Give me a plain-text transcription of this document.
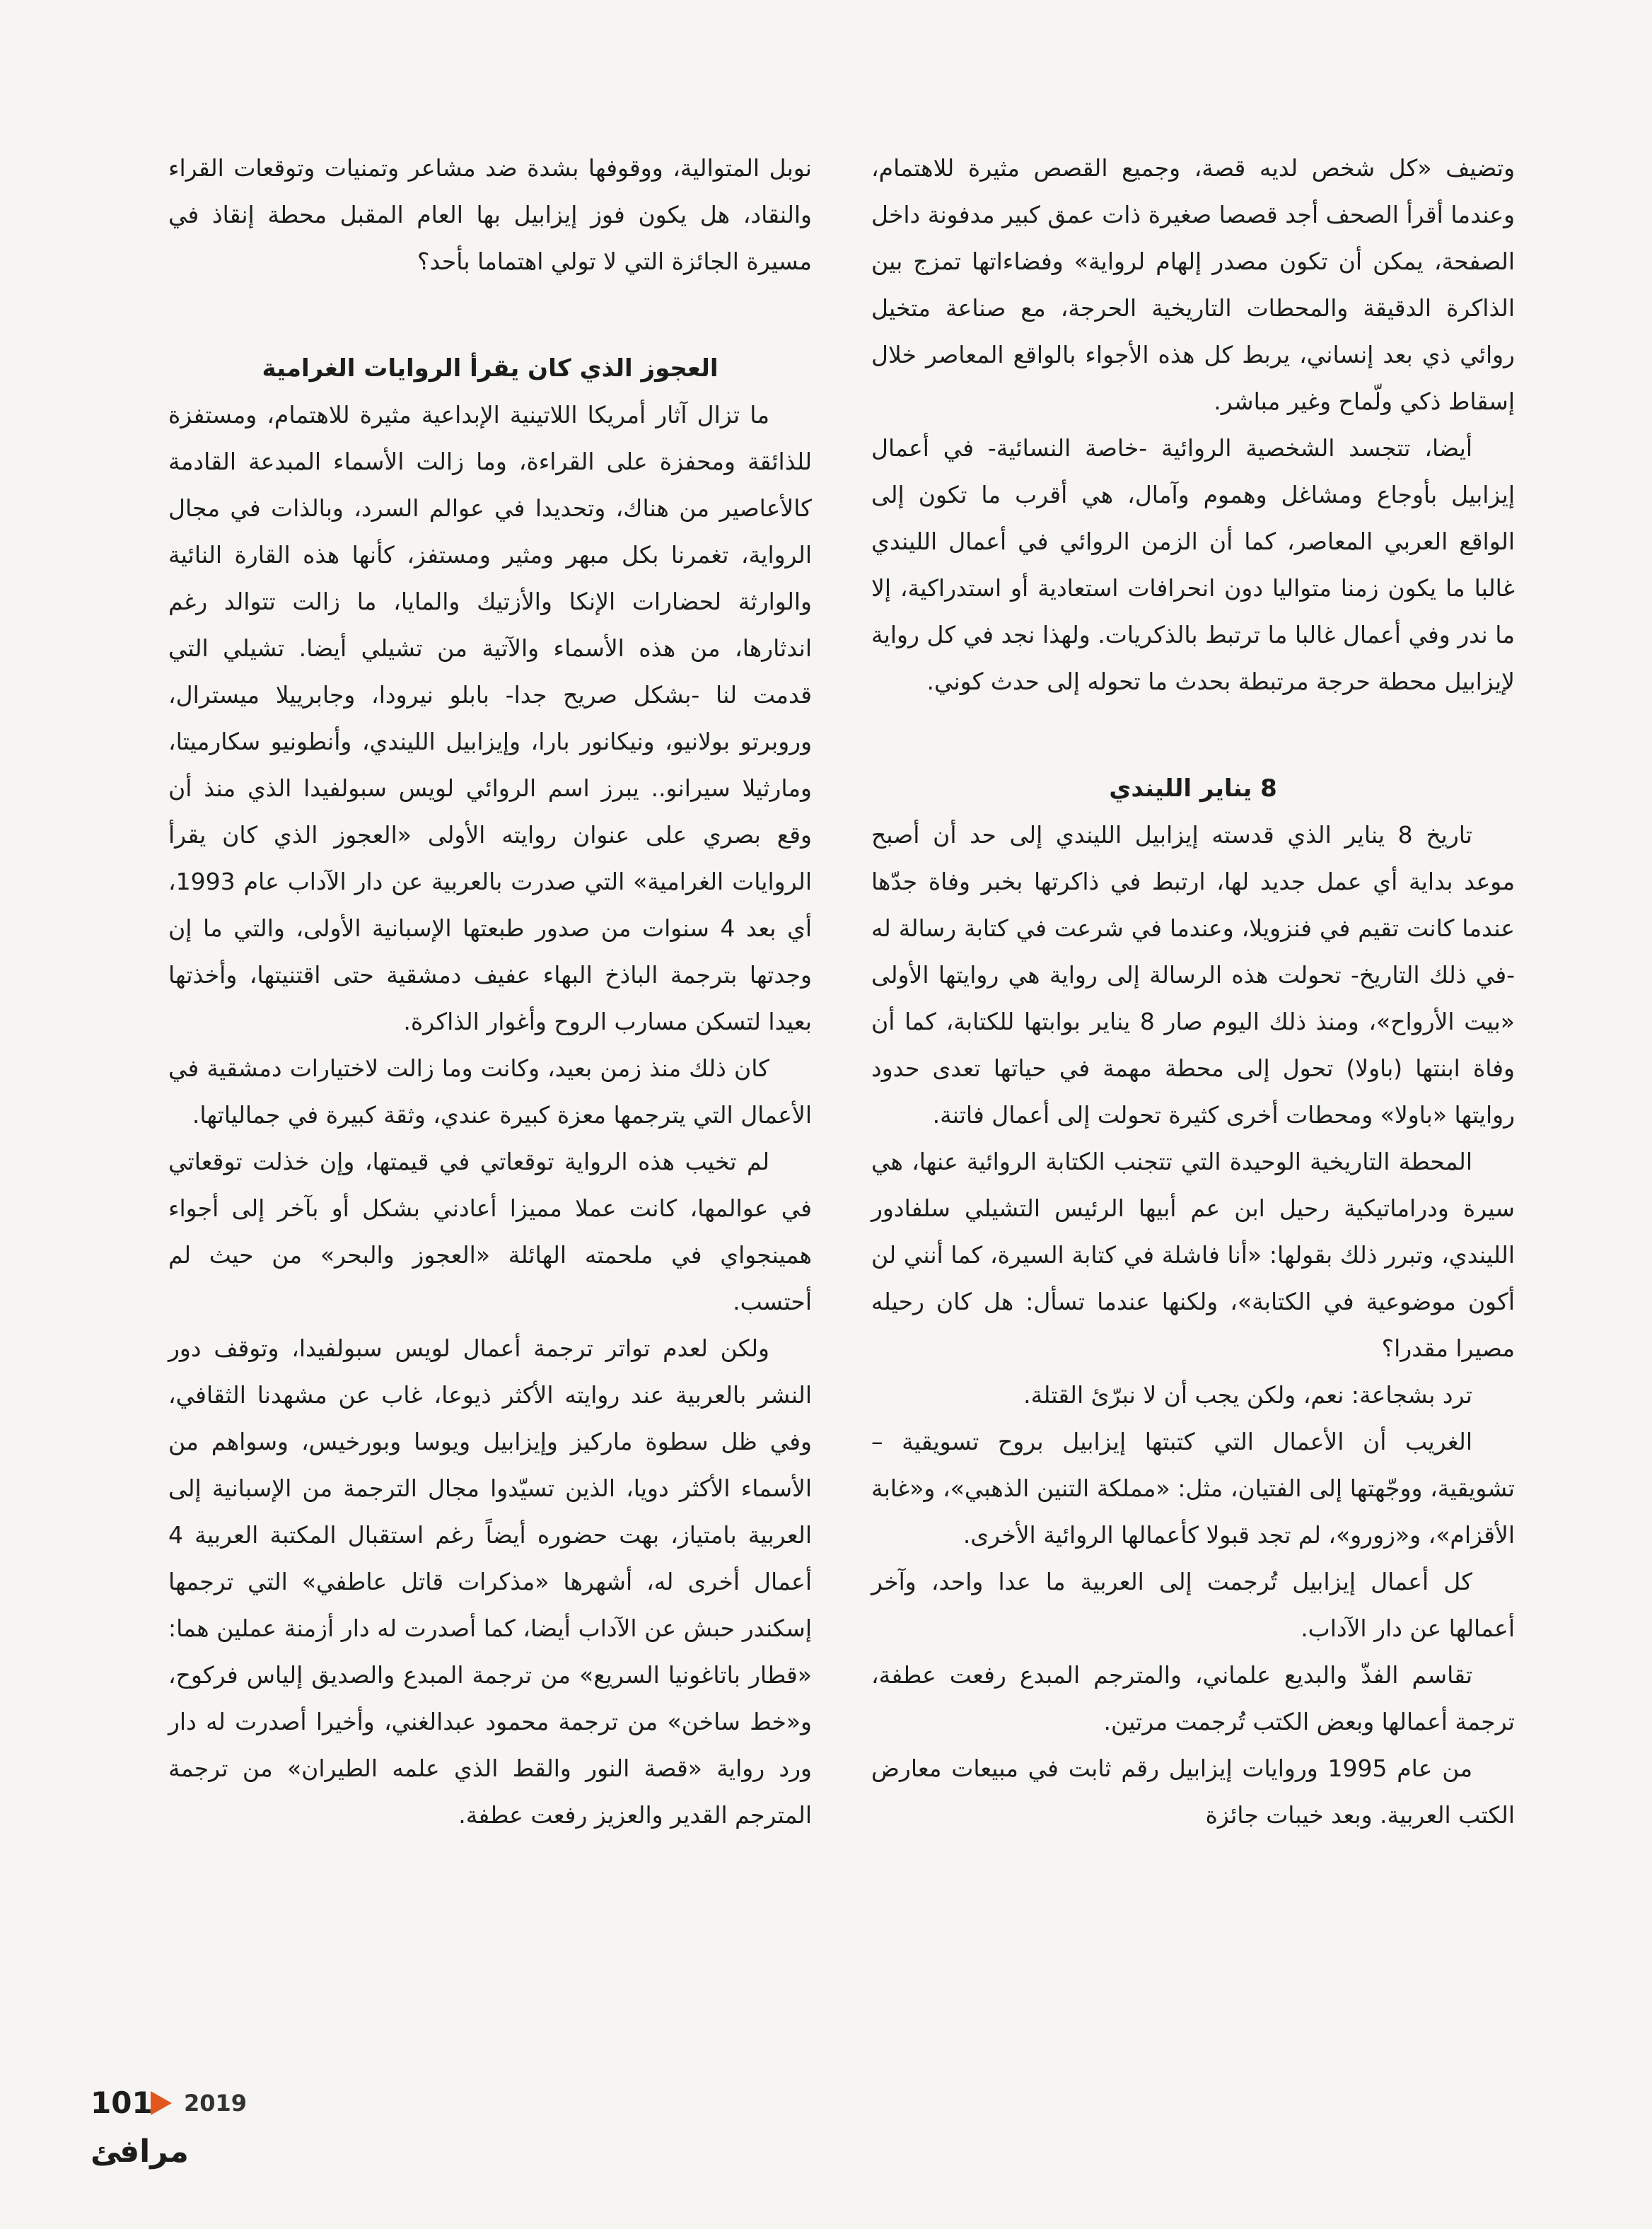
وتضيف «كل شخص لديه قصة، وجميع القصص مثيرة للاهتمام، وعندما أقرأ الصحف أجد قصصا صغيرة ذات عمق كبير مدفونة داخل الصفحة، يمكن أن تكون مصدر إلهام لرواية» وفضاءاتها تمزج بين الذاكرة الدقيقة والمحطات التاريخية الحرجة، مع صناعة متخيل روائي ذي بعد إنساني، يربط كل هذه الأجواء بالواقع المعاصر خلال إسقاط ذكي ولّماح وغير مباشر.

أيضا، تتجسد الشخصية الروائية -خاصة النسائية- في أعمال إيزابيل بأوجاع ومشاغل وهموم وآمال، هي أقرب ما تكون إلى الواقع العربي المعاصر، كما أن الزمن الروائي في أعمال الليندي غالبا ما يكون زمنا متواليا دون انحرافات استعادية أو استدراكية، إلا ما ندر وفي أعمال غالبا ما ترتبط بالذكريات. ولهذا نجد في كل رواية لإيزابيل محطة حرجة مرتبطة بحدث ما تحوله إلى حدث كوني.

8 يناير الليندي

تاريخ 8 يناير الذي قدسته إيزابيل الليندي إلى حد أن أصبح موعد بداية أي عمل جديد لها، ارتبط في ذاكرتها بخبر وفاة جدّها عندما كانت تقيم في فنزويلا، وعندما في شرعت في كتابة رسالة له -في ذلك التاريخ- تحولت هذه الرسالة إلى رواية هي روايتها الأولى «بيت الأرواح»، ومنذ ذلك اليوم صار 8 يناير بوابتها للكتابة، كما أن وفاة ابنتها (باولا) تحول إلى محطة مهمة في حياتها تعدى حدود روايتها «باولا» ومحطات أخرى كثيرة تحولت إلى أعمال فاتنة.

المحطة التاريخية الوحيدة التي تتجنب الكتابة الروائية عنها، هي سيرة ودراماتيكية رحيل ابن عم أبيها الرئيس التشيلي سلفادور الليندي، وتبرر ذلك بقولها: «أنا فاشلة في كتابة السيرة، كما أنني لن أكون موضوعية في الكتابة»، ولكنها عندما تسأل: هل كان رحيله مصيرا مقدرا؟

ترد بشجاعة: نعم، ولكن يجب أن لا نبرّئ القتلة.

الغريب أن الأعمال التي كتبتها إيزابيل بروح تسويقية – تشويقية، ووجّهتها إلى الفتيان، مثل: «مملكة التنين الذهبي»، و«غابة الأقزام»، و«زورو»، لم تجد قبولا كأعمالها الروائية الأخرى.

كل أعمال إيزابيل تُرجمت إلى العربية ما عدا واحد، وآخر أعمالها عن دار الآداب.

تقاسم الفذّ والبديع علماني، والمترجم المبدع رفعت عطفة، ترجمة أعمالها وبعض الكتب تُرجمت مرتين.

من عام 1995 وروايات إيزابيل رقم ثابت في مبيعات معارض الكتب العربية. وبعد خيبات جائزة

نوبل المتوالية، ووقوفها بشدة ضد مشاعر وتمنيات وتوقعات القراء والنقاد، هل يكون فوز إيزابيل بها العام المقبل محطة إنقاذ في مسيرة الجائزة التي لا تولي اهتماما بأحد؟

العجوز الذي كان يقرأ الروايات الغرامية

ما تزال آثار أمريكا اللاتينية الإبداعية مثيرة للاهتمام، ومستفزة للذائقة ومحفزة على القراءة، وما زالت الأسماء المبدعة القادمة كالأعاصير من هناك، وتحديدا في عوالم السرد، وبالذات في مجال الرواية، تغمرنا بكل مبهر ومثير ومستفز، كأنها هذه القارة النائية والوارثة لحضارات الإنكا والأزتيك والمايا، ما زالت تتوالد رغم اندثارها، من هذه الأسماء والآتية من تشيلي أيضا. تشيلي التي قدمت لنا -بشكل صريح جدا- بابلو نيرودا، وجابرييلا ميسترال، وروبرتو بولانيو، ونيكانور بارا، وإيزابيل الليندي، وأنطونيو سكارميتا، ومارثيلا سيرانو.. يبرز اسم الروائي لويس سبولفيدا الذي منذ أن وقع بصري على عنوان روايته الأولى «العجوز الذي كان يقرأ الروايات الغرامية» التي صدرت بالعربية عن دار الآداب عام 1993، أي بعد 4 سنوات من صدور طبعتها الإسبانية الأولى، والتي ما إن وجدتها بترجمة الباذخ البهاء عفيف دمشقية حتى اقتنيتها، وأخذتها بعيدا لتسكن مسارب الروح وأغوار الذاكرة.

كان ذلك منذ زمن بعيد، وكانت وما زالت لاختيارات دمشقية في الأعمال التي يترجمها معزة كبيرة عندي، وثقة كبيرة في جمالياتها.

لم تخيب هذه الرواية توقعاتي في قيمتها، وإن خذلت توقعاتي في عوالمها، كانت عملا مميزا أعادني بشكل أو بآخر إلى أجواء همينجواي في ملحمته الهائلة «العجوز والبحر» من حيث لم أحتسب.

ولكن لعدم تواتر ترجمة أعمال لويس سبولفيدا، وتوقف دور النشر بالعربية عند روايته الأكثر ذيوعا، غاب عن مشهدنا الثقافي، وفي ظل سطوة ماركيز وإيزابيل ويوسا وبورخيس، وسواهم من الأسماء الأكثر دويا، الذين تسيّدوا مجال الترجمة من الإسبانية إلى العربية بامتياز، بهت حضوره أيضاً رغم استقبال المكتبة العربية 4 أعمال أخرى له، أشهرها «مذكرات قاتل عاطفي» التي ترجمها إسكندر حبش عن الآداب أيضا، كما أصدرت له دار أزمنة عملين هما: «قطار باتاغونيا السريع» من ترجمة المبدع والصديق إلياس فركوح، و«خط ساخن» من ترجمة محمود عبدالغني، وأخيرا أصدرت له دار ورد رواية «قصة النور والقط الذي علمه الطيران» من ترجمة المترجم القدير والعزيز رفعت عطفة.

101 2019
مرافئ
